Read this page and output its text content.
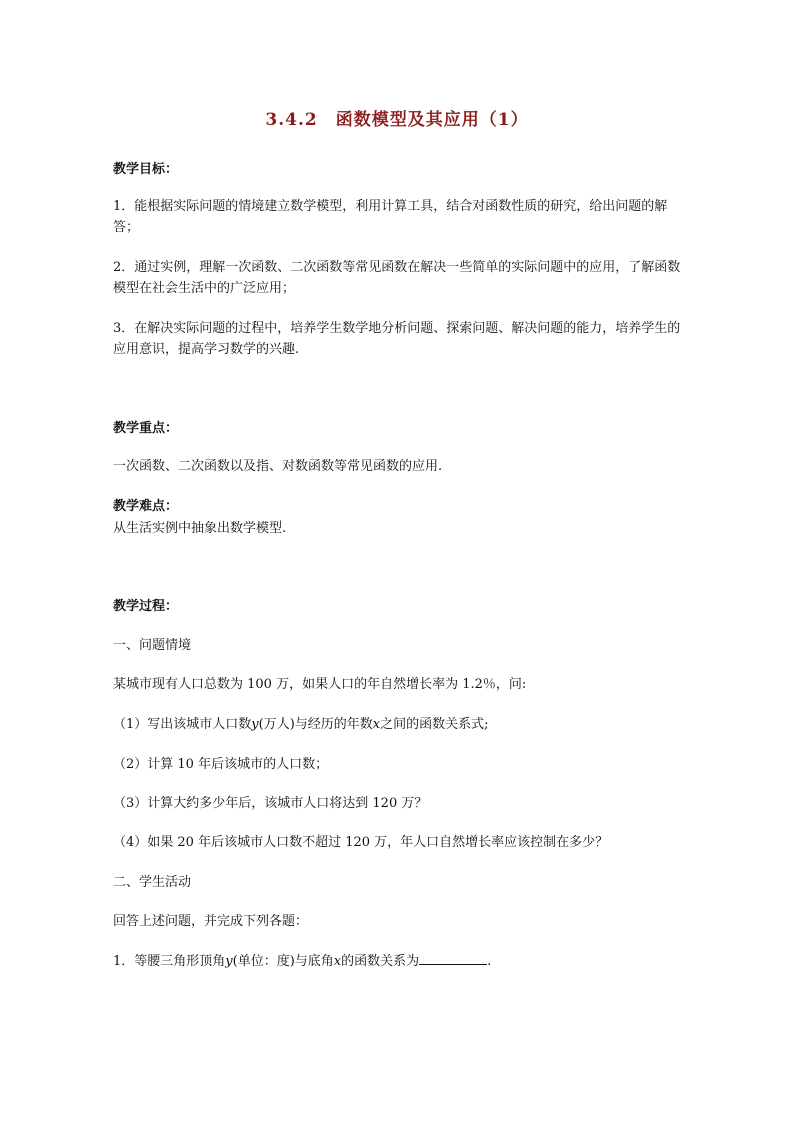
3.4.2　函数模型及其应用（1）

教学目标：

1．能根据实际问题的情境建立数学模型，利用计算工具，结合对函数性质的研究，给出问题的解答；

2．通过实例，理解一次函数、二次函数等常见函数在解决一些简单的实际问题中的应用，了解函数模型在社会生活中的广泛应用；

3．在解决实际问题的过程中，培养学生数学地分析问题、探索问题、解决问题的能力，培养学生的应用意识，提高学习数学的兴趣.

教学重点：

一次函数、二次函数以及指、对数函数等常见函数的应用.

教学难点：

从生活实例中抽象出数学模型.

教学过程：

一、问题情境

某城市现有人口总数为 100 万，如果人口的年自然增长率为 1.2％，问:

（1）写出该城市人口数y(万人)与经历的年数x之间的函数关系式;

（2）计算 10 年后该城市的人口数；

（3）计算大约多少年后，该城市人口将达到 120 万？

（4）如果 20 年后该城市人口数不超过 120 万，年人口自然增长率应该控制在多少？

二、学生活动

回答上述问题，并完成下列各题：

1．等腰三角形顶角y(单位：度)与底角x的函数关系为	.
